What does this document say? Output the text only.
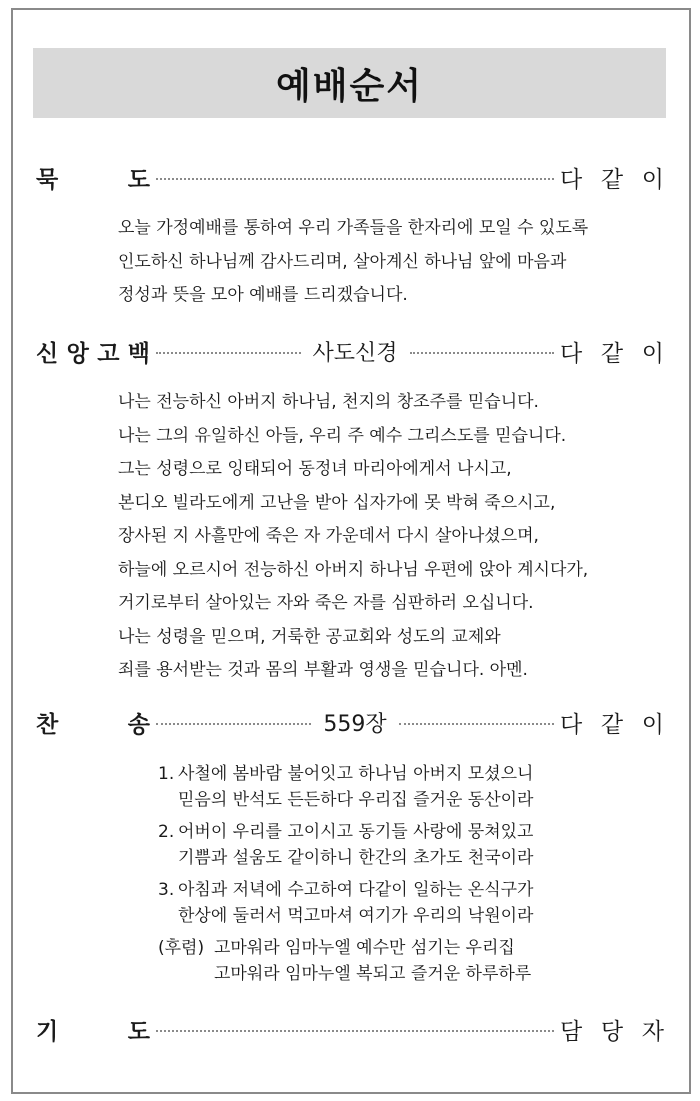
예배순서
묵	도	다 같 이
오늘 가정예배를 통하여 우리 가족들을 한자리에 모일 수 있도록
인도하신 하나님께 감사드리며, 살아계신 하나님 앞에 마음과
정성과 뜻을 모아 예배를 드리겠습니다.
신 앙 고 백	사도신경	다 같 이
나는 전능하신 아버지 하나님, 천지의 창조주를 믿습니다.
나는 그의 유일하신 아들, 우리 주 예수 그리스도를 믿습니다.
그는 성령으로 잉태되어 동정녀 마리아에게서 나시고,
본디오 빌라도에게 고난을 받아 십자가에 못 박혀 죽으시고,
장사된 지 사흘만에 죽은 자 가운데서 다시 살아나셨으며,
하늘에 오르시어 전능하신 아버지 하나님 우편에 앉아 계시다가,
거기로부터 살아있는 자와 죽은 자를 심판하러 오십니다.
나는 성령을 믿으며, 거룩한 공교회와 성도의 교제와
죄를 용서받는 것과 몸의 부활과 영생을 믿습니다. 아멘.
찬	송	559장	다 같 이
1. 사철에 봄바람 불어잇고 하나님 아버지 모셨으니
믿음의 반석도 든든하다 우리집 즐거운 동산이라
2. 어버이 우리를 고이시고 동기들 사랑에 뭉쳐있고
기쁨과 설움도 같이하니 한간의 초가도 천국이라
3. 아침과 저녁에 수고하여 다같이 일하는 온식구가
한상에 둘러서 먹고마셔 여기가 우리의 낙원이라
(후렴) 고마워라 임마누엘 예수만 섬기는 우리집
고마워라 임마누엘 복되고 즐거운 하루하루
기	도	담 당 자
